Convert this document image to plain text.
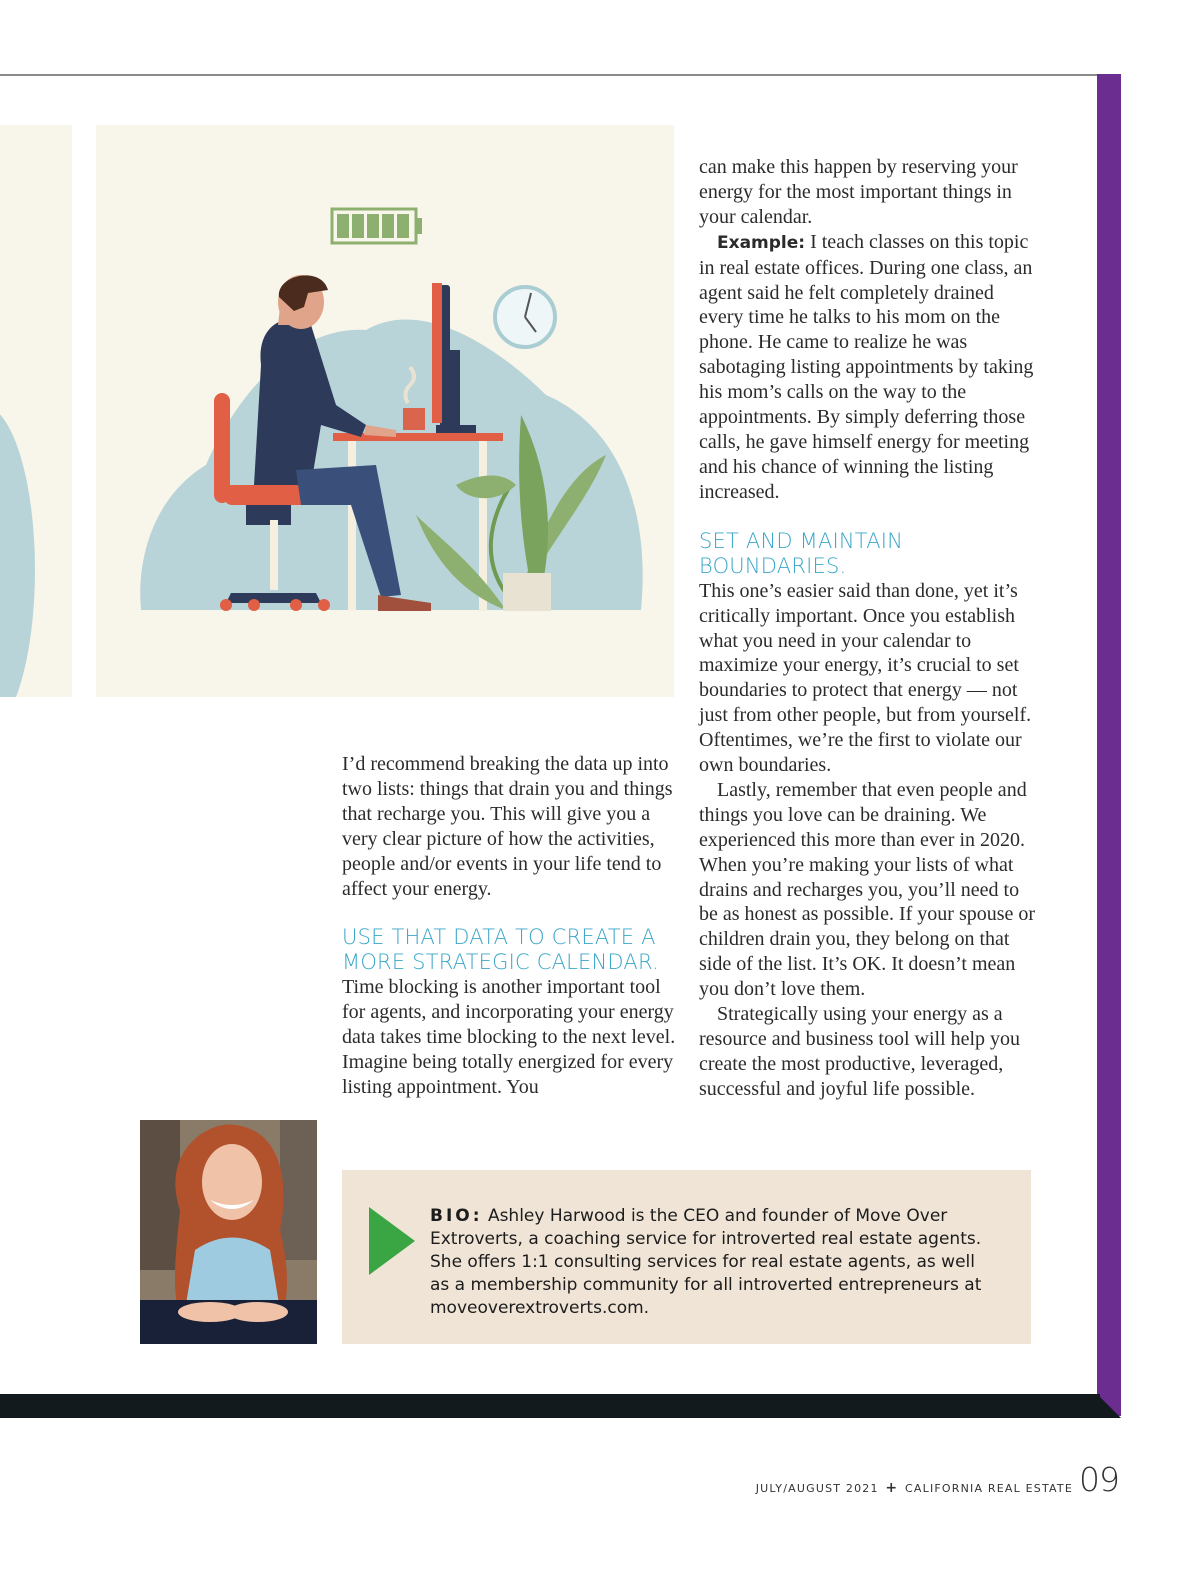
I’d recommend breaking the data up into two lists: things that drain you and things that recharge you. This will give you a very clear picture of how the activities, people and/or events in your life tend to affect your energy.

USE THAT DATA TO CREATE A MORE STRATEGIC CALENDAR.

Time blocking is another important tool for agents, and incorporating your energy data takes time blocking to the next level. Imagine being totally energized for every listing appointment. You

can make this happen by reserving your energy for the most important things in your calendar.

Example: I teach classes on this topic in real estate offices. During one class, an agent said he felt completely drained every time he talks to his mom on the phone. He came to realize he was sabotaging listing appointments by taking his mom’s calls on the way to the appointments. By simply deferring those calls, he gave himself energy for meeting and his chance of winning the listing increased.

SET AND MAINTAIN BOUNDARIES.

This one’s easier said than done, yet it’s critically important. Once you establish what you need in your calendar to maximize your energy, it’s crucial to set boundaries to protect that energy — not just from other people, but from yourself. Oftentimes, we’re the first to violate our own boundaries.

Lastly, remember that even people and things you love can be draining. We experienced this more than ever in 2020. When you’re making your lists of what drains and recharges you, you’ll need to be as honest as possible. If your spouse or children drain you, they belong on that side of the list. It’s OK. It doesn’t mean you don’t love them.

Strategically using your energy as a resource and business tool will help you create the most productive, leveraged, successful and joyful life possible.

BIO: Ashley Harwood is the CEO and founder of Move Over Extroverts, a coaching service for introverted real estate agents. She offers 1:1 consulting services for real estate agents, as well as a membership community for all introverted entrepreneurs at moveoverextroverts.com.
JULY/AUGUST 2021 + CALIFORNIA REAL ESTATE 09
